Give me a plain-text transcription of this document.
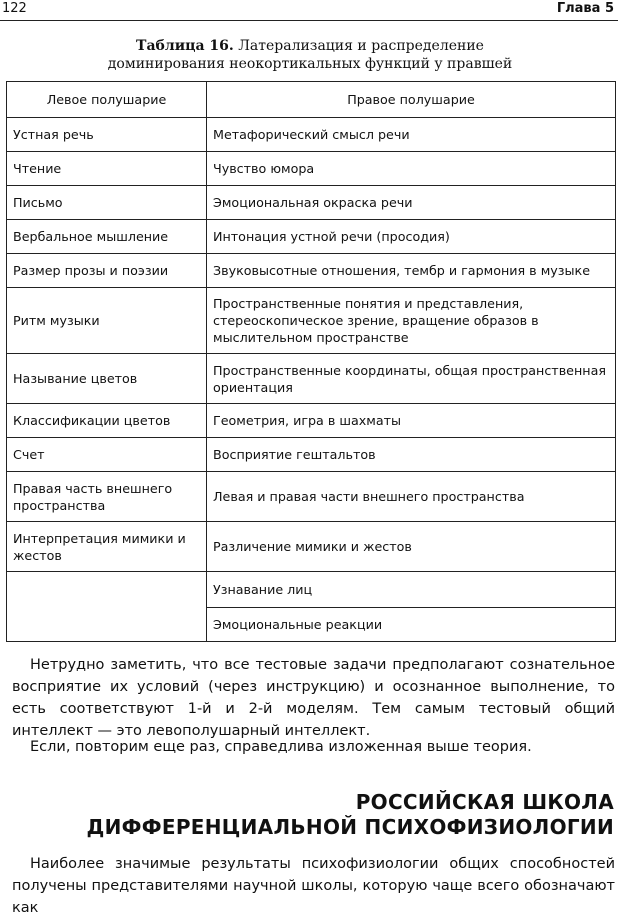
122	Глава 5
Таблица 16. Латерализация и распределение
доминирования неокортикальных функций у правшей
Левое полушарие	Правое полушарие
Устная речь	Метафорический смысл речи
Чтение	Чувство юмора
Письмо	Эмоциональная окраска речи
Вербальное мышление	Интонация устной речи (просодия)
Размер прозы и поэзии	Звуковысотные отношения, тембр и гармония в музыке
Ритм музыки	Пространственные понятия и представления, стереоскопическое зрение, вращение образов в мыслительном пространстве
Называние цветов	Пространственные координаты, общая пространственная ориентация
Классификации цветов	Геометрия, игра в шахматы
Счет	Восприятие гештальтов
Правая часть внешнего пространства	Левая и правая части внешнего пространства
Интерпретация мимики и жестов	Различение мимики и жестов
	Узнавание лиц
	Эмоциональные реакции
Нетрудно заметить, что все тестовые задачи предполагают сознательное восприятие их условий (через инструкцию) и осознанное выполнение, то есть соответствуют 1-й и 2-й моделям. Тем самым тестовый общий интеллект — это левополушарный интеллект.
Если, повторим еще раз, справедлива изложенная выше теория.
РОССИЙСКАЯ ШКОЛА
ДИФФЕРЕНЦИАЛЬНОЙ ПСИХОФИЗИОЛОГИИ
Наиболее значимые результаты психофизиологии общих способностей получены представителями научной школы, которую чаще всего обозначают как
